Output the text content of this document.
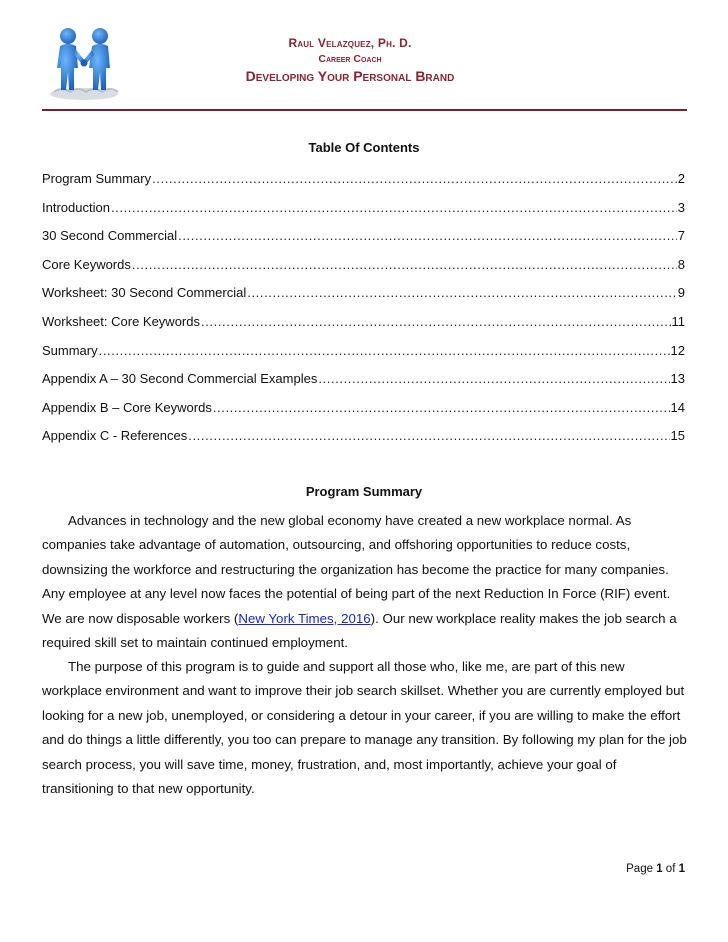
Raul Velazquez, Ph. D.
Career Coach
Developing Your Personal Brand
Table Of Contents
Program Summary .....	2
Introduction .....	3
30 Second Commercial .....	7
Core Keywords .....	8
Worksheet: 30 Second Commercial .....	9
Worksheet: Core Keywords .....	11
Summary .....	12
Appendix A – 30 Second Commercial Examples .....	13
Appendix B – Core Keywords .....	14
Appendix C - References .....	15
Program Summary
Advances in technology and the new global economy have created a new workplace normal. As companies take advantage of automation, outsourcing, and offshoring opportunities to reduce costs, downsizing the workforce and restructuring the organization has become the practice for many companies. Any employee at any level now faces the potential of being part of the next Reduction In Force (RIF) event. We are now disposable workers (New York Times, 2016). Our new workplace reality makes the job search a required skill set to maintain continued employment.
The purpose of this program is to guide and support all those who, like me, are part of this new workplace environment and want to improve their job search skillset. Whether you are currently employed but looking for a new job, unemployed, or considering a detour in your career, if you are willing to make the effort and do things a little differently, you too can prepare to manage any transition. By following my plan for the job search process, you will save time, money, frustration, and, most importantly, achieve your goal of transitioning to that new opportunity.
Page 1 of 1
